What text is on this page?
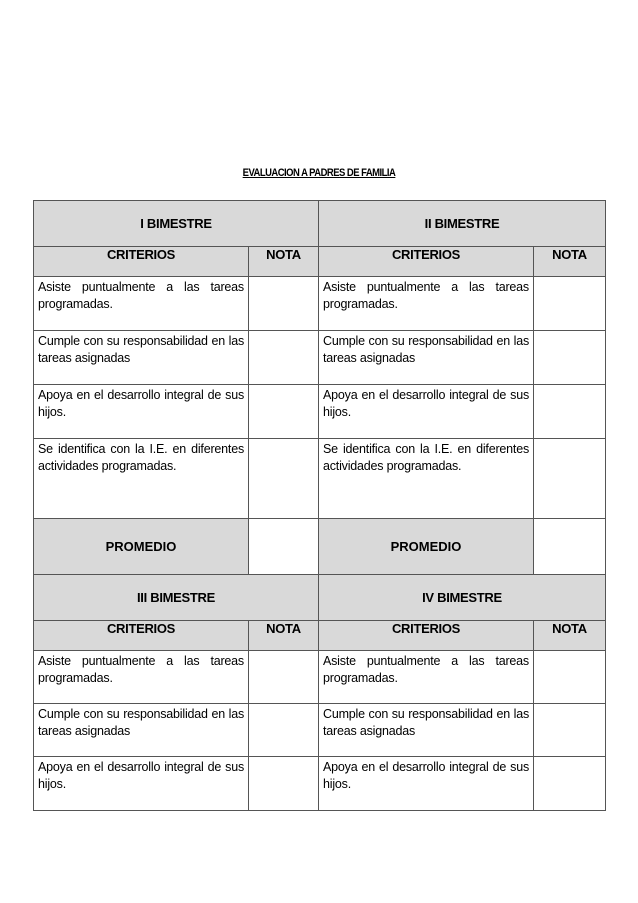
EVALUACION A PADRES DE FAMILIA
I BIMESTRE		II BIMESTRE	
CRITERIOS	NOTA	CRITERIOS	NOTA
Asiste puntualmente a las tareas programadas.		Asiste puntualmente a las tareas programadas.	
Cumple con su responsabilidad en las tareas asignadas		Cumple con su responsabilidad en las tareas asignadas	
Apoya en el desarrollo integral de sus hijos.		Apoya en el desarrollo integral de sus hijos.	
Se identifica con la I.E. en diferentes actividades programadas.		Se identifica con la I.E. en diferentes actividades programadas.	
PROMEDIO		PROMEDIO	
III BIMESTRE		IV BIMESTRE	
CRITERIOS	NOTA	CRITERIOS	NOTA
Asiste puntualmente a las tareas programadas.		Asiste puntualmente a las tareas programadas.	
Cumple con su responsabilidad en las tareas asignadas		Cumple con su responsabilidad en las tareas asignadas	
Apoya en el desarrollo integral de sus hijos.		Apoya en el desarrollo integral de sus hijos.	
